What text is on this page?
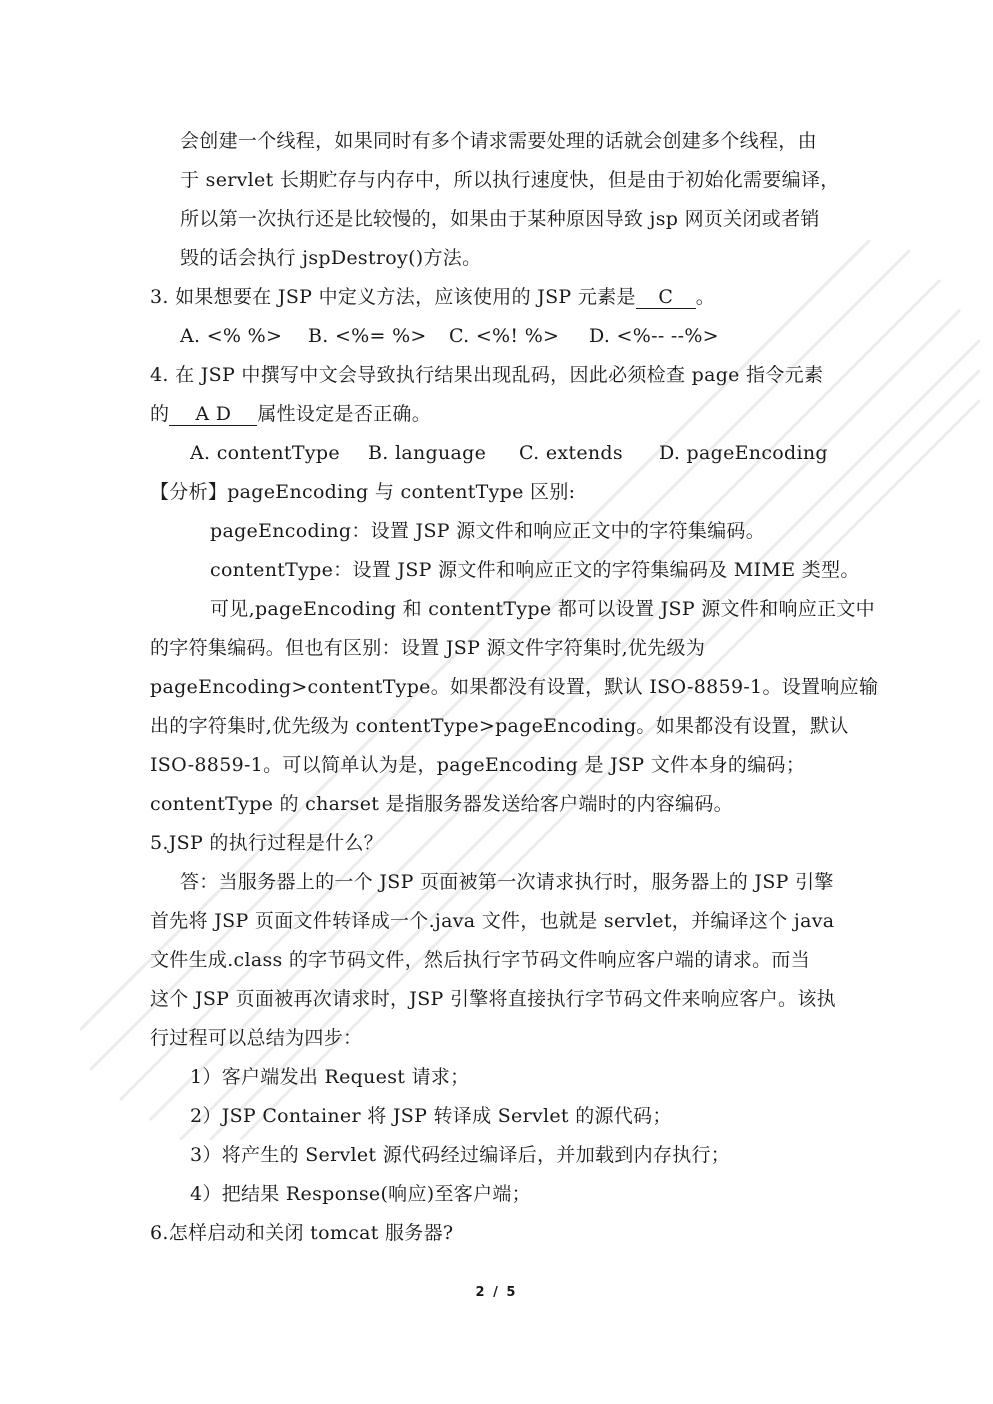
会创建一个线程，如果同时有多个请求需要处理的话就会创建多个线程，由
于 servlet 长期贮存与内存中，所以执行速度快，但是由于初始化需要编译，
所以第一次执行还是比较慢的，如果由于某种原因导致 jsp 网页关闭或者销
毁的话会执行 jspDestroy()方法。
3. 如果想要在 JSP 中定义方法，应该使用的 JSP 元素是 C 。
A. <% %> B. <%= %> C. <%! %> D. <%-- --%>
4. 在 JSP 中撰写中文会导致执行结果出现乱码，因此必须检查 page 指令元素
的 A D 属性设定是否正确。
A. contentType B. language C. extends D. pageEncoding
【分析】pageEncoding 与 contentType 区别:
pageEncoding：设置 JSP 源文件和响应正文中的字符集编码。
contentType：设置 JSP 源文件和响应正文的字符集编码及 MIME 类型。
可见,pageEncoding 和 contentType 都可以设置 JSP 源文件和响应正文中
的字符集编码。但也有区别：设置 JSP 源文件字符集时,优先级为
pageEncoding>contentType。如果都没有设置，默认 ISO-8859-1。设置响应输
出的字符集时,优先级为 contentType>pageEncoding。如果都没有设置，默认
ISO-8859-1。可以简单认为是，pageEncoding 是 JSP 文件本身的编码；
contentType 的 charset 是指服务器发送给客户端时的内容编码。
5.JSP 的执行过程是什么？
答：当服务器上的一个 JSP 页面被第一次请求执行时，服务器上的 JSP 引擎
首先将 JSP 页面文件转译成一个.java 文件，也就是 servlet，并编译这个 java
文件生成.class 的字节码文件，然后执行字节码文件响应客户端的请求。而当
这个 JSP 页面被再次请求时，JSP 引擎将直接执行字节码文件来响应客户。该执
行过程可以总结为四步：
1）客户端发出 Request 请求；
2）JSP Container 将 JSP 转译成 Servlet 的源代码；
3）将产生的 Servlet 源代码经过编译后，并加载到内存执行；
4）把结果 Response(响应)至客户端；
6.怎样启动和关闭 tomcat 服务器?
2 / 5
